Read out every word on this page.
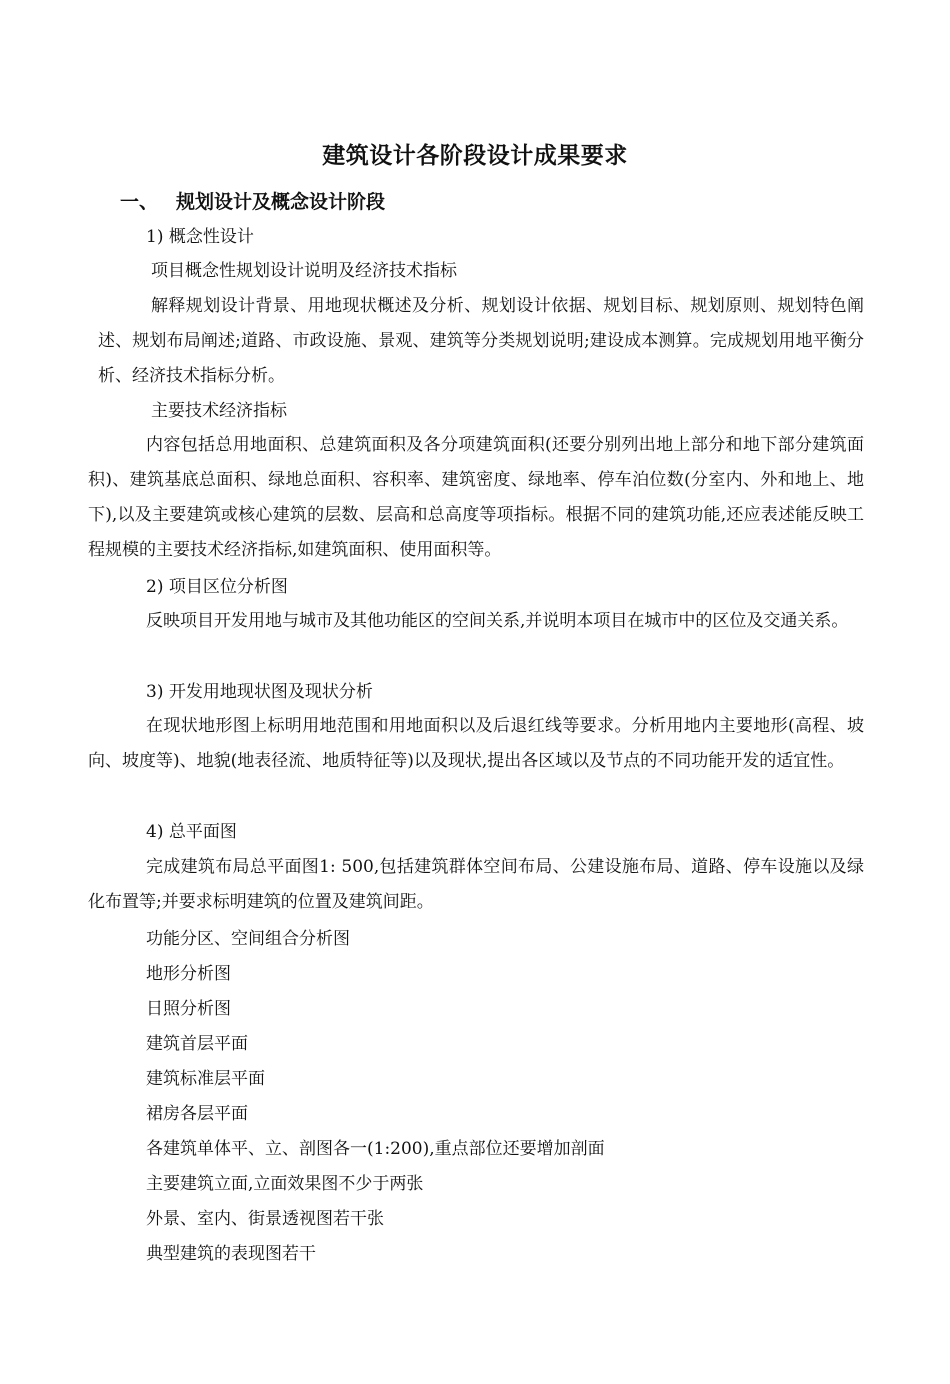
建筑设计各阶段设计成果要求
一、 规划设计及概念设计阶段
1) 概念性设计
项目概念性规划设计说明及经济技术指标
解释规划设计背景、用地现状概述及分析、规划设计依据、规划目标、规划原则、规划特色阐述、规划布局阐述;道路、市政设施、景观、建筑等分类规划说明;建设成本测算。完成规划用地平衡分析、经济技术指标分析。
主要技术经济指标
内容包括总用地面积、总建筑面积及各分项建筑面积(还要分别列出地上部分和地下部分建筑面积)、建筑基底总面积、绿地总面积、容积率、建筑密度、绿地率、停车泊位数(分室内、外和地上、地下),以及主要建筑或核心建筑的层数、层高和总高度等项指标。根据不同的建筑功能,还应表述能反映工程规模的主要技术经济指标,如建筑面积、使用面积等。
2) 项目区位分析图
反映项目开发用地与城市及其他功能区的空间关系,并说明本项目在城市中的区位及交通关系。
3) 开发用地现状图及现状分析
在现状地形图上标明用地范围和用地面积以及后退红线等要求。分析用地内主要地形(高程、坡向、坡度等)、地貌(地表径流、地质特征等)以及现状,提出各区域以及节点的不同功能开发的适宜性。
4) 总平面图
完成建筑布局总平面图1: 500,包括建筑群体空间布局、公建设施布局、道路、停车设施以及绿化布置等;并要求标明建筑的位置及建筑间距。
功能分区、空间组合分析图
地形分析图
日照分析图
建筑首层平面
建筑标准层平面
裙房各层平面
各建筑单体平、立、剖图各一(1:200),重点部位还要增加剖面
主要建筑立面,立面效果图不少于两张
外景、室内、街景透视图若干张
典型建筑的表现图若干
